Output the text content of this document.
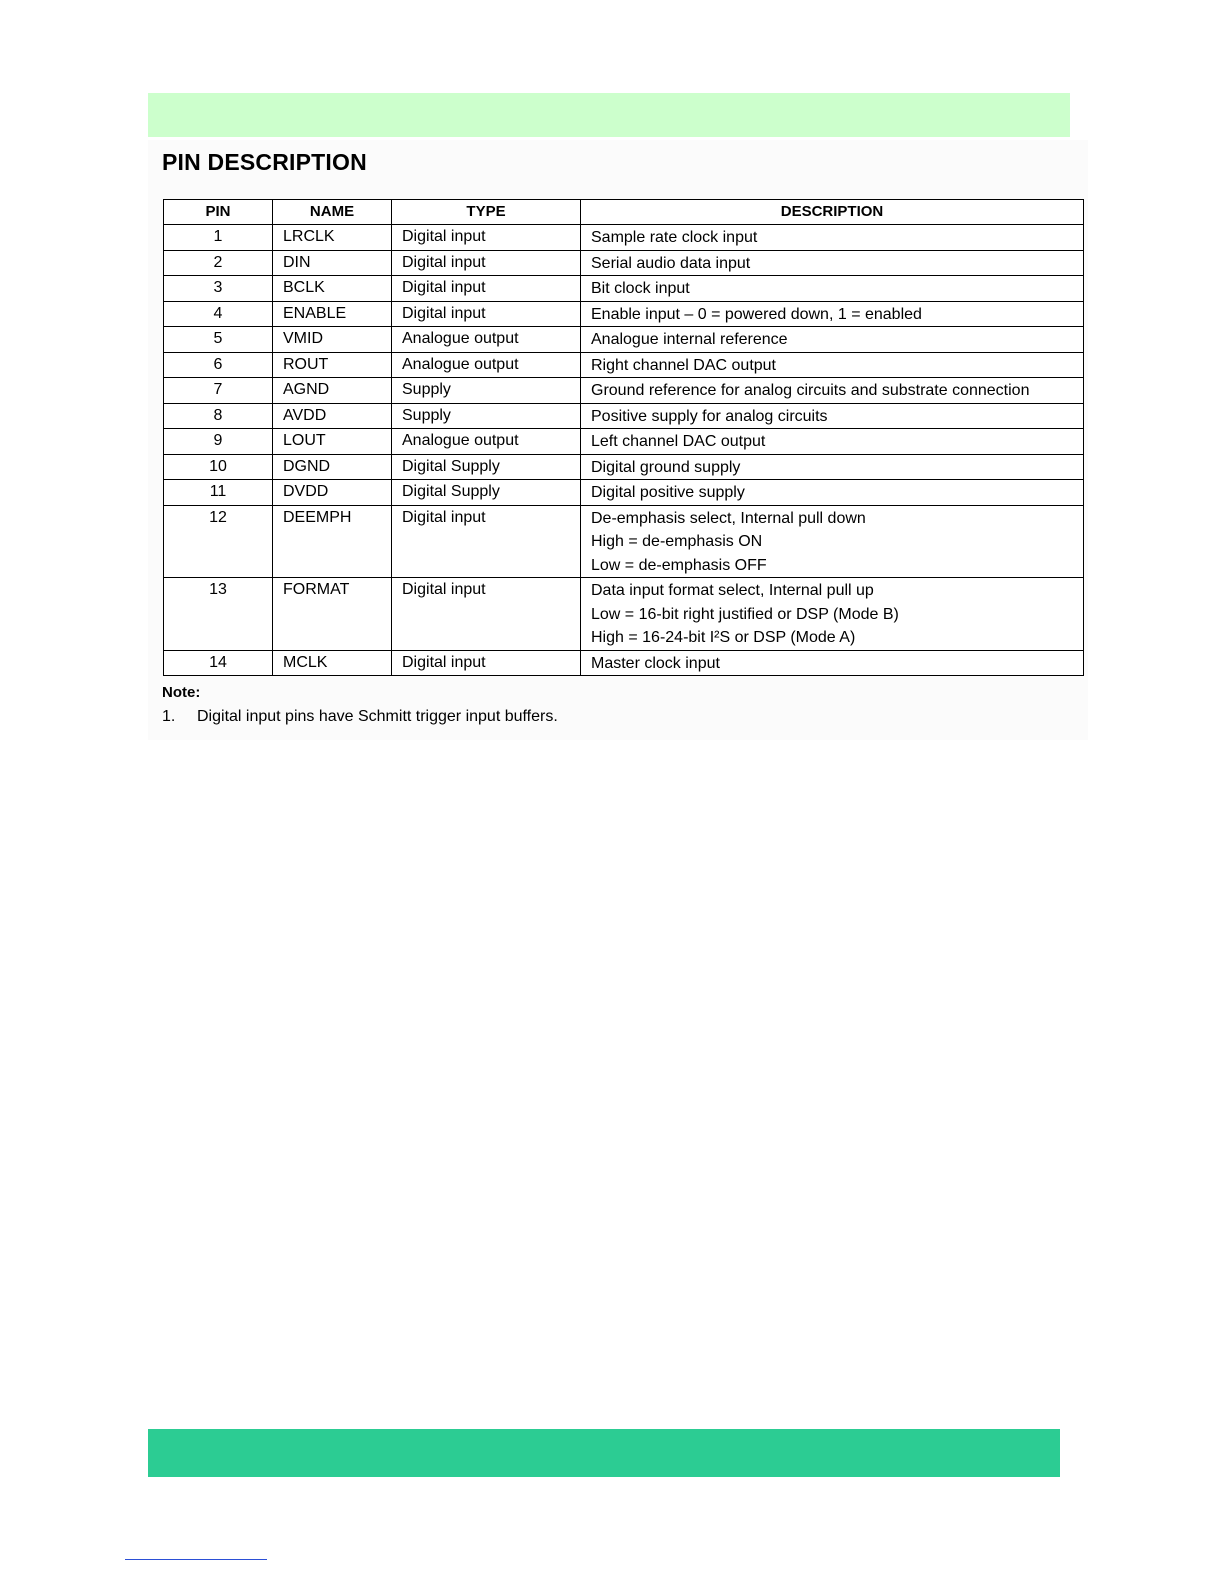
PIN DESCRIPTION
PIN	NAME	TYPE	DESCRIPTION
1	LRCLK	Digital input	Sample rate clock input

2	DIN	Digital input	Serial audio data input

3	BCLK	Digital input	Bit clock input

4	ENABLE	Digital input	Enable input – 0 = powered down, 1 = enabled

5	VMID	Analogue output	Analogue internal reference

6	ROUT	Analogue output	Right channel DAC output

7	AGND	Supply	Ground reference for analog circuits and substrate connection

8	AVDD	Supply	Positive supply for analog circuits

9	LOUT	Analogue output	Left channel DAC output

10	DGND	Digital Supply	Digital ground supply

11	DVDD	Digital Supply	Digital positive supply

12	DEEMPH	Digital input	De-emphasis select, Internal pull down
High = de-emphasis ON
Low = de-emphasis OFF

13	FORMAT	Digital input	Data input format select, Internal pull up
Low = 16-bit right justified or DSP (Mode B)
High = 16-24-bit I²S or DSP (Mode A)

14	MCLK	Digital input	Master clock input
Note:
1. Digital input pins have Schmitt trigger input buffers.
